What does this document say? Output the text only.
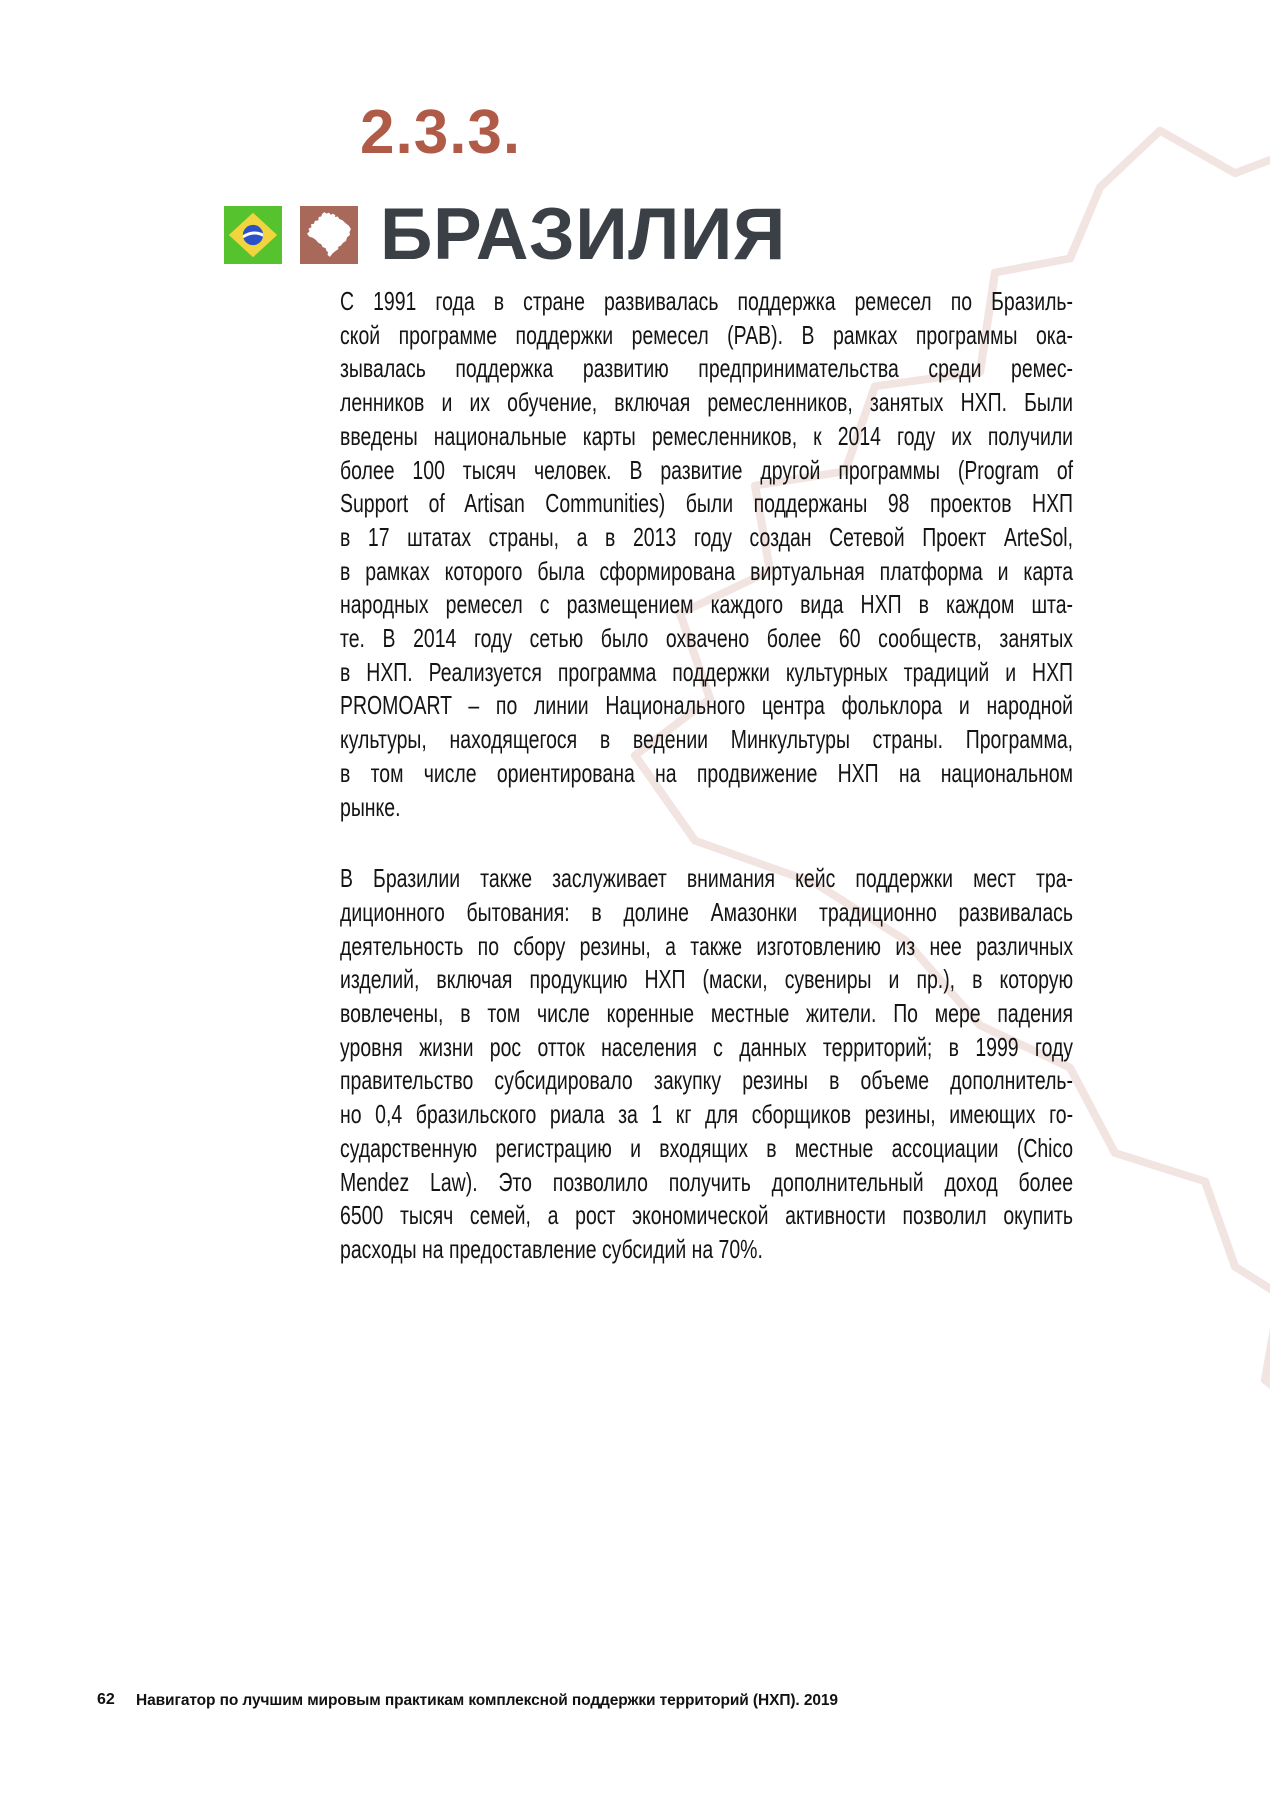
2.3.3.
БРАЗИЛИЯ
С 1991 года в стране развивалась поддержка ремесел по Бразиль-
ской программе поддержки ремесел (PAB). В рамках программы ока-
зывалась поддержка развитию предпринимательства среди ремес-
ленников и их обучение, включая ремесленников, занятых НХП. Были
введены национальные карты ремесленников, к 2014 году их получили
более 100 тысяч человек. В развитие другой программы (Program of
Support of Artisan Communities) были поддержаны 98 проектов НХП
в 17 штатах страны, а в 2013 году создан Сетевой Проект ArteSol,
в рамках которого была сформирована виртуальная платформа и карта
народных ремесел с размещением каждого вида НХП в каждом шта-
те. В 2014 году сетью было охвачено более 60 сообществ, занятых
в НХП. Реализуется программа поддержки культурных традиций и НХП
PROMOART – по линии Национального центра фольклора и народной
культуры, находящегося в ведении Минкультуры страны. Программа,
в том числе ориентирована на продвижение НХП на национальном
рынке.
В Бразилии также заслуживает внимания кейс поддержки мест тра-
диционного бытования: в долине Амазонки традиционно развивалась
деятельность по сбору резины, а также изготовлению из нее различных
изделий, включая продукцию НХП (маски, сувениры и пр.), в которую
вовлечены, в том числе коренные местные жители. По мере падения
уровня жизни рос отток населения с данных территорий; в 1999 году
правительство субсидировало закупку резины в объеме дополнитель-
но 0,4 бразильского риала за 1 кг для сборщиков резины, имеющих го-
сударственную регистрацию и входящих в местные ассоциации (Chico
Mendez Law). Это позволило получить дополнительный доход более
6500 тысяч семей, а рост экономической активности позволил окупить
расходы на предоставление субсидий на 70%.
62 Навигатор по лучшим мировым практикам комплексной поддержки территорий (НХП). 2019
